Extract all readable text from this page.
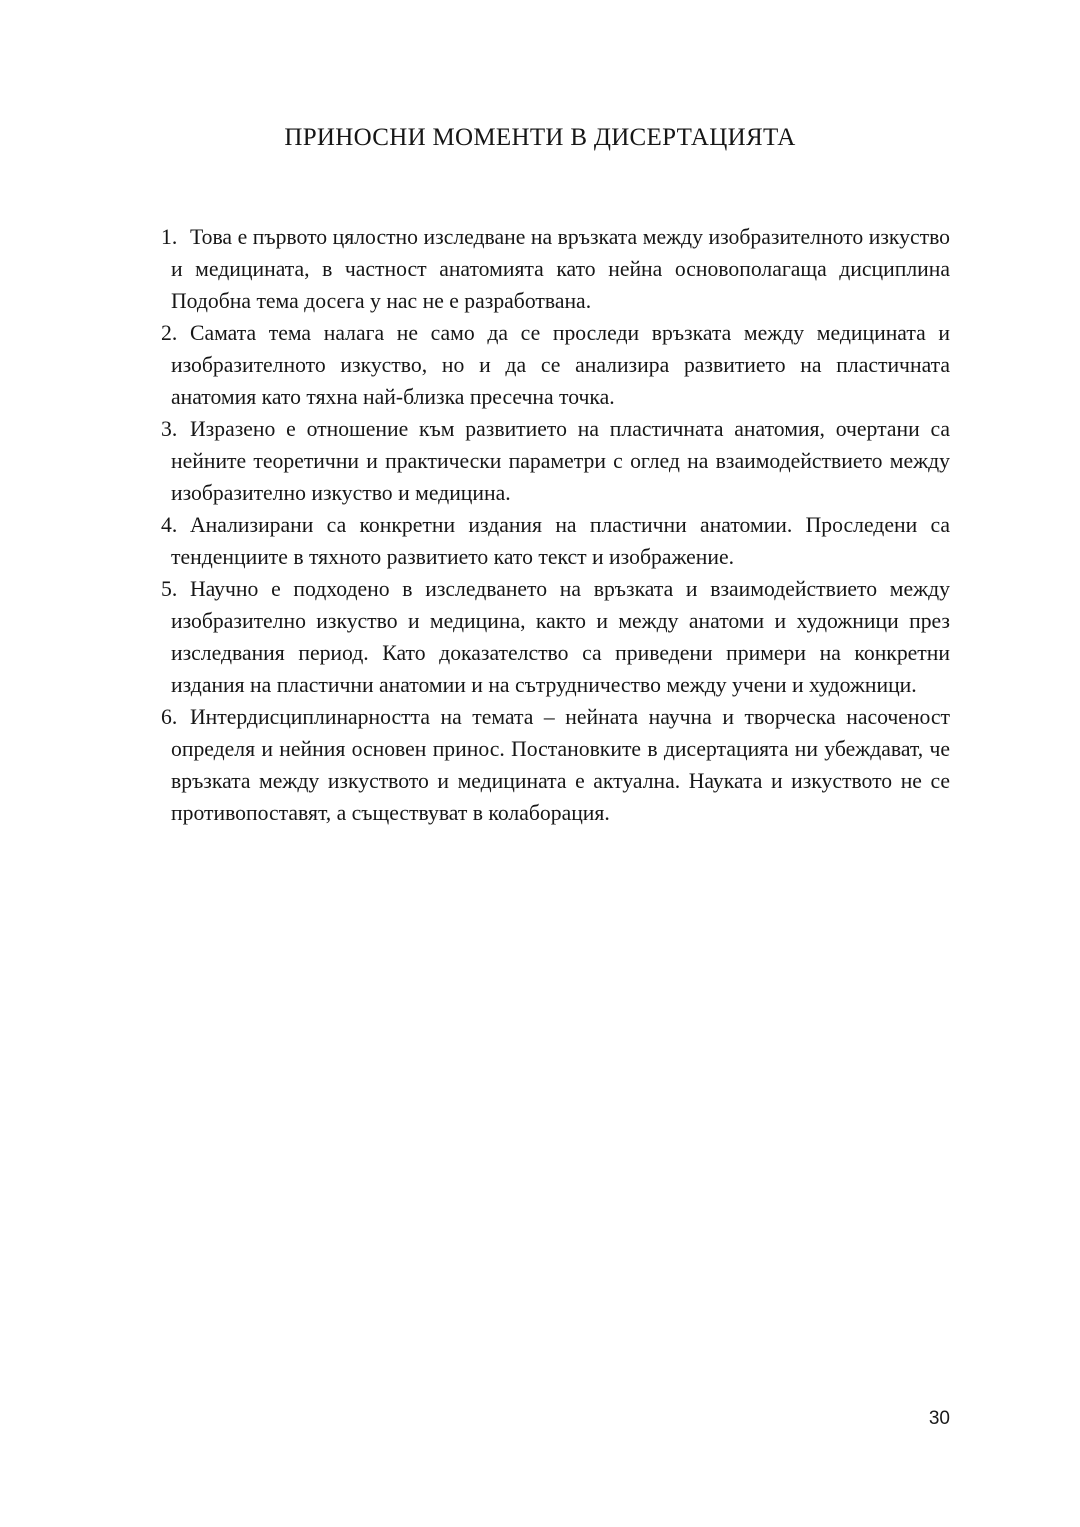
ПРИНОСНИ МОМЕНТИ В ДИСЕРТАЦИЯТА
1. Това е първото цялостно изследване на връзката между изобразителното изкуство и медицината, в частност анатомията като нейна основополагаща дисциплина Подобна тема досега у нас не е разработвана.
2. Самата тема налага не само да се проследи връзката между медицината и изобразителното изкуство, но и да се анализира развитието на пластичната анатомия като тяхна най-близка пресечна точка.
3. Изразено е отношение към развитието на пластичната анатомия, очертани са нейните теоретични и практически параметри с оглед на взаимодействието между изобразително изкуство и медицина.
4. Анализирани са конкретни издания на пластични анатомии. Проследени са тенденциите в тяхното развитието като текст и изображение.
5. Научно е подходено в изследването на връзката и взаимодействието между изобразително изкуство и медицина, както и между анатоми и художници през изследвания период. Като доказателство са приведени примери на конкретни издания на пластични анатомии и на сътрудничество между учени и художници.
6. Интердисциплинарността на темата – нейната научна и творческа насоченост определя и нейния основен принос. Постановките в дисертацията ни убеждават, че връзката между изкуството и медицината е актуална. Науката и изкуството не се противопоставят, а съществуват в колаборация.
30
